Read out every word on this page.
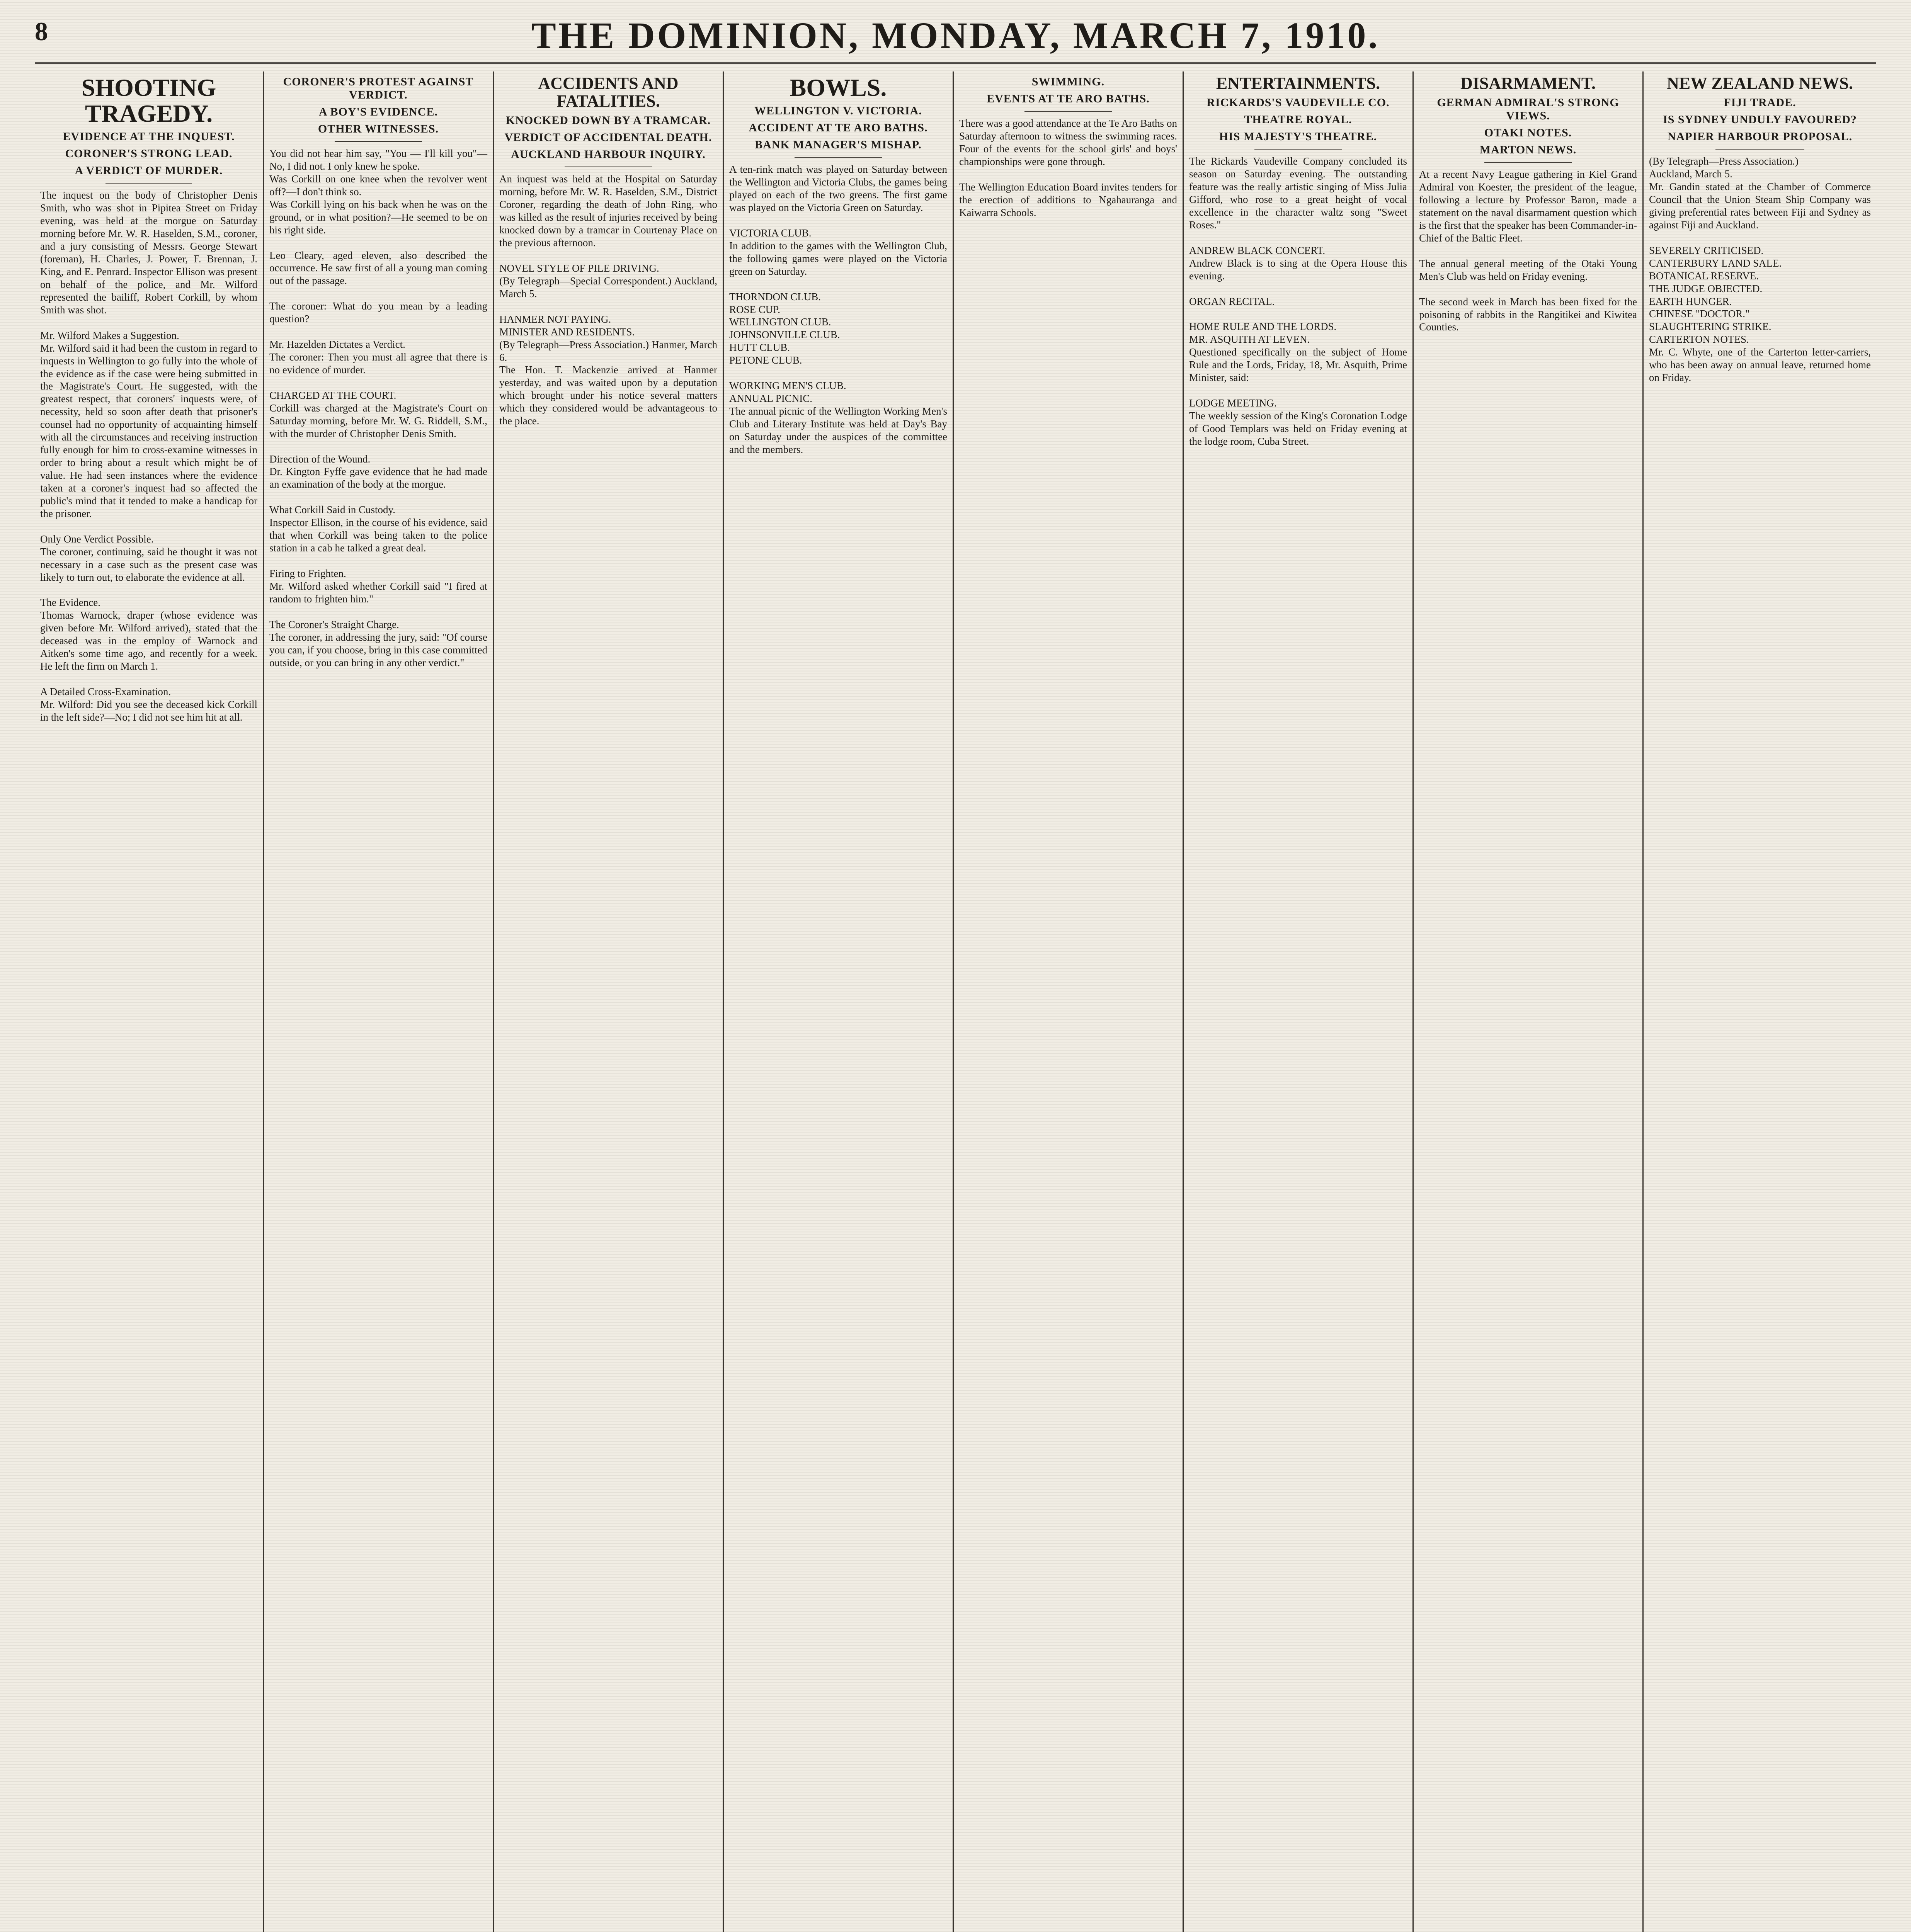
8	THE DOMINION, MONDAY, MARCH 7, 1910.
SHOOTING TRAGEDY.
EVIDENCE AT THE INQUEST.
CORONER'S STRONG LEAD.
A VERDICT OF MURDER.

The inquest on the body of Christopher Denis Smith, who was shot in Pipitea Street on Friday evening, was held at the morgue on Saturday morning before Mr. W. R. Haselden, S.M., coroner, and a jury consisting of Messrs. George Stewart (foreman), H. Charles, J. Power, F. Brennan, J. King, and E. Penrard. Inspector Ellison was present on behalf of the police, and Mr. Wilford represented the bailiff, Robert Corkill, by whom Smith was shot.

Mr. Wilford Makes a Suggestion.
Mr. Wilford said it had been the custom in regard to inquests in Wellington to go fully into the whole of the evidence as if the case were being submitted in the Magistrate's Court. He suggested, with the greatest respect, that coroners' inquests were, of necessity, held so soon after death that prisoner's counsel had no opportunity of acquainting himself with all the circumstances and receiving instruction fully enough for him to cross-examine witnesses in order to bring about a result which might be of value. He had seen instances where the evidence taken at a coroner's inquest had so affected the public's mind that it tended to make a handicap for the prisoner.

Only One Verdict Possible.
The coroner, continuing, said he thought it was not necessary in a case such as the present case was likely to turn out, to elaborate the evidence at all.

The Evidence.
Thomas Warnock, draper (whose evidence was given before Mr. Wilford arrived), stated that the deceased was in the employ of Warnock and Aitken's some time ago, and recently for a week. He left the firm on March 1.

A Detailed Cross-Examination.
Mr. Wilford: Did you see the deceased kick Corkill in the left side?—No; I did not see him hit at all.

CORONER'S PROTEST AGAINST VERDICT.
A BOY'S EVIDENCE.
OTHER WITNESSES.

You did not hear him say, "You — I'll kill you"—No, I did not. I only knew he spoke.
Was Corkill on one knee when the revolver went off?—I don't think so.
Was Corkill lying on his back when he was on the ground, or in what position?—He seemed to be on his right side.

Leo Cleary, aged eleven, also described the occurrence. He saw first of all a young man coming out of the passage.

The coroner: What do you mean by a leading question?

Mr. Hazelden Dictates a Verdict.
The coroner: Then you must all agree that there is no evidence of murder.

CHARGED AT THE COURT.
Corkill was charged at the Magistrate's Court on Saturday morning, before Mr. W. G. Riddell, S.M., with the murder of Christopher Denis Smith.

Direction of the Wound.
Dr. Kington Fyffe gave evidence that he had made an examination of the body at the morgue.

What Corkill Said in Custody.
Inspector Ellison, in the course of his evidence, said that when Corkill was being taken to the police station in a cab he talked a great deal.

Firing to Frighten.
Mr. Wilford asked whether Corkill said "I fired at random to frighten him."

The Coroner's Straight Charge.
The coroner, in addressing the jury, said: "Of course you can, if you choose, bring in this case committed outside, or you can bring in any other verdict."

ACCIDENTS AND FATALITIES.
KNOCKED DOWN BY A TRAMCAR.
VERDICT OF ACCIDENTAL DEATH.
AUCKLAND HARBOUR INQUIRY.

An inquest was held at the Hospital on Saturday morning, before Mr. W. R. Haselden, S.M., District Coroner, regarding the death of John Ring, who was killed as the result of injuries received by being knocked down by a tramcar in Courtenay Place on the previous afternoon.

NOVEL STYLE OF PILE DRIVING.
(By Telegraph—Special Correspondent.) Auckland, March 5.

HANMER NOT PAYING.
MINISTER AND RESIDENTS.
(By Telegraph—Press Association.) Hanmer, March 6.
The Hon. T. Mackenzie arrived at Hanmer yesterday, and was waited upon by a deputation which brought under his notice several matters which they considered would be advantageous to the place.

BOWLS.
WELLINGTON V. VICTORIA.
ACCIDENT AT TE ARO BATHS.
BANK MANAGER'S MISHAP.

A ten-rink match was played on Saturday between the Wellington and Victoria Clubs, the games being played on each of the two greens. The first game was played on the Victoria Green on Saturday.

VICTORIA CLUB.
In addition to the games with the Wellington Club, the following games were played on the Victoria green on Saturday.

THORNDON CLUB.
ROSE CUP.
WELLINGTON CLUB.
JOHNSONVILLE CLUB.
HUTT CLUB.
PETONE CLUB.

WORKING MEN'S CLUB.
ANNUAL PICNIC.
The annual picnic of the Wellington Working Men's Club and Literary Institute was held at Day's Bay on Saturday under the auspices of the committee and the members.

SWIMMING.
EVENTS AT TE ARO BATHS.

There was a good attendance at the Te Aro Baths on Saturday afternoon to witness the swimming races. Four of the events for the school girls' and boys' championships were gone through.

The Wellington Education Board invites tenders for the erection of additions to Ngahauranga and Kaiwarra Schools.

ENTERTAINMENTS.
RICKARDS'S VAUDEVILLE CO.
THEATRE ROYAL.
HIS MAJESTY'S THEATRE.

The Rickards Vaudeville Company concluded its season on Saturday evening. The outstanding feature was the really artistic singing of Miss Julia Gifford, who rose to a great height of vocal excellence in the character waltz song "Sweet Roses."

ANDREW BLACK CONCERT.
Andrew Black is to sing at the Opera House this evening.

ORGAN RECITAL.

HOME RULE AND THE LORDS.
MR. ASQUITH AT LEVEN.
Questioned specifically on the subject of Home Rule and the Lords, Friday, 18, Mr. Asquith, Prime Minister, said:

LODGE MEETING.
The weekly session of the King's Coronation Lodge of Good Templars was held on Friday evening at the lodge room, Cuba Street.

DISARMAMENT.
GERMAN ADMIRAL'S STRONG VIEWS.
OTAKI NOTES.
MARTON NEWS.

At a recent Navy League gathering in Kiel Grand Admiral von Koester, the president of the league, following a lecture by Professor Baron, made a statement on the naval disarmament question which is the first that the speaker has been Commander-in-Chief of the Baltic Fleet.

The annual general meeting of the Otaki Young Men's Club was held on Friday evening.

The second week in March has been fixed for the poisoning of rabbits in the Rangitikei and Kiwitea Counties.

NEW ZEALAND NEWS.
FIJI TRADE.
IS SYDNEY UNDULY FAVOURED?
NAPIER HARBOUR PROPOSAL.

(By Telegraph—Press Association.)
Auckland, March 5.
Mr. Gandin stated at the Chamber of Commerce Council that the Union Steam Ship Company was giving preferential rates between Fiji and Sydney as against Fiji and Auckland.

SEVERELY CRITICISED.
CANTERBURY LAND SALE.
BOTANICAL RESERVE.
THE JUDGE OBJECTED.
EARTH HUNGER.
CHINESE "DOCTOR."
SLAUGHTERING STRIKE.
CARTERTON NOTES.
Mr. C. Whyte, one of the Carterton letter-carriers, who has been away on annual leave, returned home on Friday.
